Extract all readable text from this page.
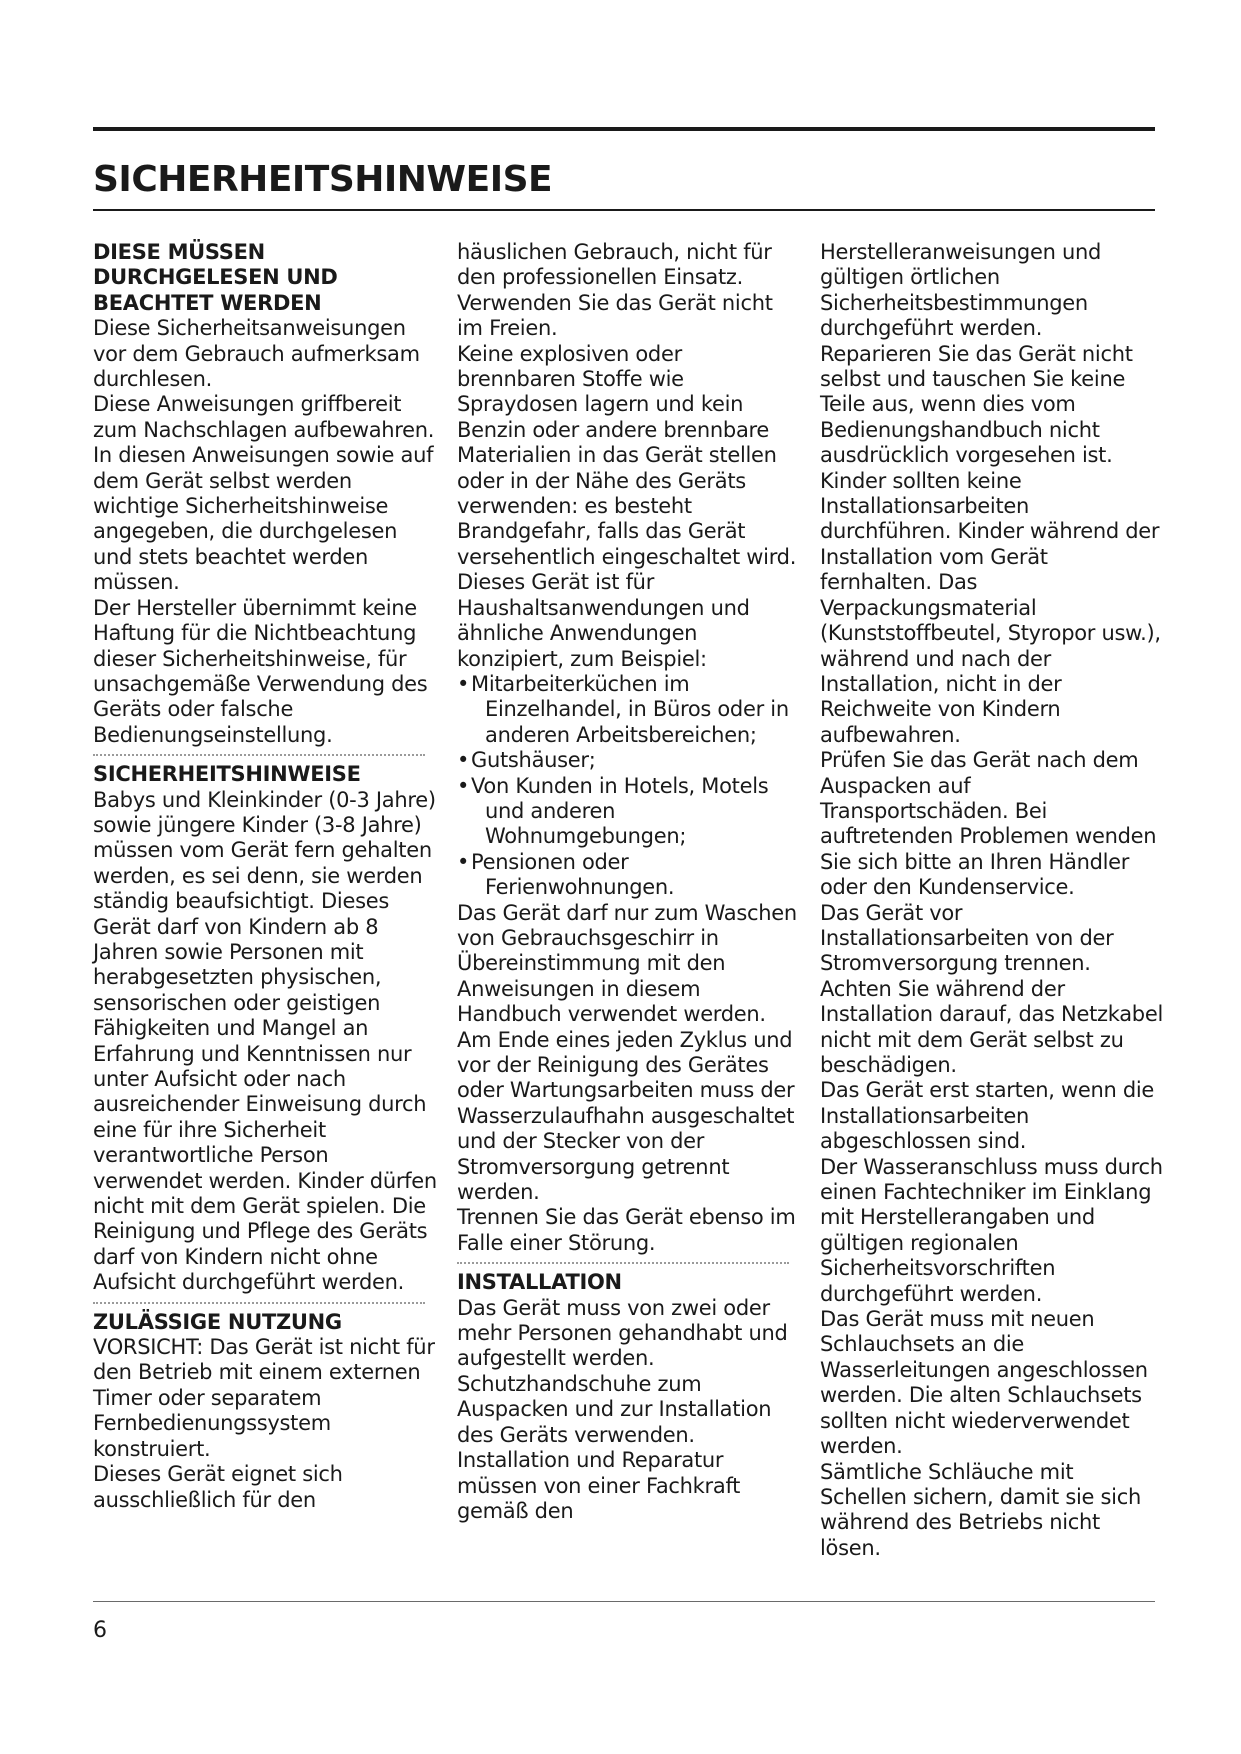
SICHERHEITSHINWEISE
DIESE MÜSSEN DURCHGELESEN UND BEACHTET WERDEN

Diese Sicherheitsanweisungen vor dem Gebrauch aufmerksam durchlesen.

Diese Anweisungen griffbereit zum Nachschlagen aufbewahren.

In diesen Anweisungen sowie auf dem Gerät selbst werden wichtige Sicherheitshinweise angegeben, die durchgelesen und stets beachtet werden müssen.

Der Hersteller übernimmt keine Haftung für die Nichtbeachtung dieser Sicherheitshinweise, für unsachgemäße Verwendung des Geräts oder falsche Bedienungseinstellung.

SICHERHEITSHINWEISE

Babys und Kleinkinder (0-3 Jahre) sowie jüngere Kinder (3-8 Jahre) müssen vom Gerät fern gehalten werden, es sei denn, sie werden ständig beaufsichtigt. Dieses Gerät darf von Kindern ab 8 Jahren sowie Personen mit herabgesetzten physischen, sensorischen oder geistigen Fähigkeiten und Mangel an Erfahrung und Kenntnissen nur unter Aufsicht oder nach ausreichender Einweisung durch eine für ihre Sicherheit verantwortliche Person verwendet werden. Kinder dürfen nicht mit dem Gerät spielen. Die Reinigung und Pflege des Geräts darf von Kindern nicht ohne Aufsicht durchgeführt werden.

ZULÄSSIGE NUTZUNG

VORSICHT: Das Gerät ist nicht für den Betrieb mit einem externen Timer oder separatem Fernbedienungssystem konstruiert.

Dieses Gerät eignet sich ausschließlich für den

häuslichen Gebrauch, nicht für den professionellen Einsatz.

Verwenden Sie das Gerät nicht im Freien.

Keine explosiven oder brennbaren Stoffe wie Spraydosen lagern und kein Benzin oder andere brennbare Materialien in das Gerät stellen oder in der Nähe des Geräts verwenden: es besteht Brandgefahr, falls das Gerät versehentlich eingeschaltet wird.

Dieses Gerät ist für Haushaltsanwendungen und ähnliche Anwendungen konzipiert, zum Beispiel:

•Mitarbeiterküchen im Einzelhandel, in Büros oder in anderen Arbeitsbereichen;
•Gutshäuser;
•Von Kunden in Hotels, Motels und anderen Wohnumgebungen;
•Pensionen oder Ferienwohnungen.

Das Gerät darf nur zum Waschen von Gebrauchsgeschirr in Übereinstimmung mit den Anweisungen in diesem Handbuch verwendet werden.

Am Ende eines jeden Zyklus und vor der Reinigung des Gerätes oder Wartungsarbeiten muss der Wasserzulaufhahn ausgeschaltet und der Stecker von der Stromversorgung getrennt werden.

Trennen Sie das Gerät ebenso im Falle einer Störung.

INSTALLATION

Das Gerät muss von zwei oder mehr Personen gehandhabt und aufgestellt werden.

Schutzhandschuhe zum Auspacken und zur Installation des Geräts verwenden.

Installation und Reparatur müssen von einer Fachkraft gemäß den

Herstelleranweisungen und gültigen örtlichen Sicherheitsbestimmungen durchgeführt werden.

Reparieren Sie das Gerät nicht selbst und tauschen Sie keine Teile aus, wenn dies vom Bedienungshandbuch nicht ausdrücklich vorgesehen ist.

Kinder sollten keine Installationsarbeiten durchführen. Kinder während der Installation vom Gerät fernhalten. Das Verpackungsmaterial (Kunststoffbeutel, Styropor usw.), während und nach der Installation, nicht in der Reichweite von Kindern aufbewahren.

Prüfen Sie das Gerät nach dem Auspacken auf Transportschäden. Bei auftretenden Problemen wenden Sie sich bitte an Ihren Händler oder den Kundenservice.

Das Gerät vor Installationsarbeiten von der Stromversorgung trennen.

Achten Sie während der Installation darauf, das Netzkabel nicht mit dem Gerät selbst zu beschädigen.

Das Gerät erst starten, wenn die Installationsarbeiten abgeschlossen sind.

Der Wasseranschluss muss durch einen Fachtechniker im Einklang mit Herstellerangaben und gültigen regionalen Sicherheitsvorschriften durchgeführt werden.

Das Gerät muss mit neuen Schlauchsets an die Wasserleitungen angeschlossen werden. Die alten Schlauchsets sollten nicht wiederverwendet werden.

Sämtliche Schläuche mit Schellen sichern, damit sie sich während des Betriebs nicht lösen.

6
